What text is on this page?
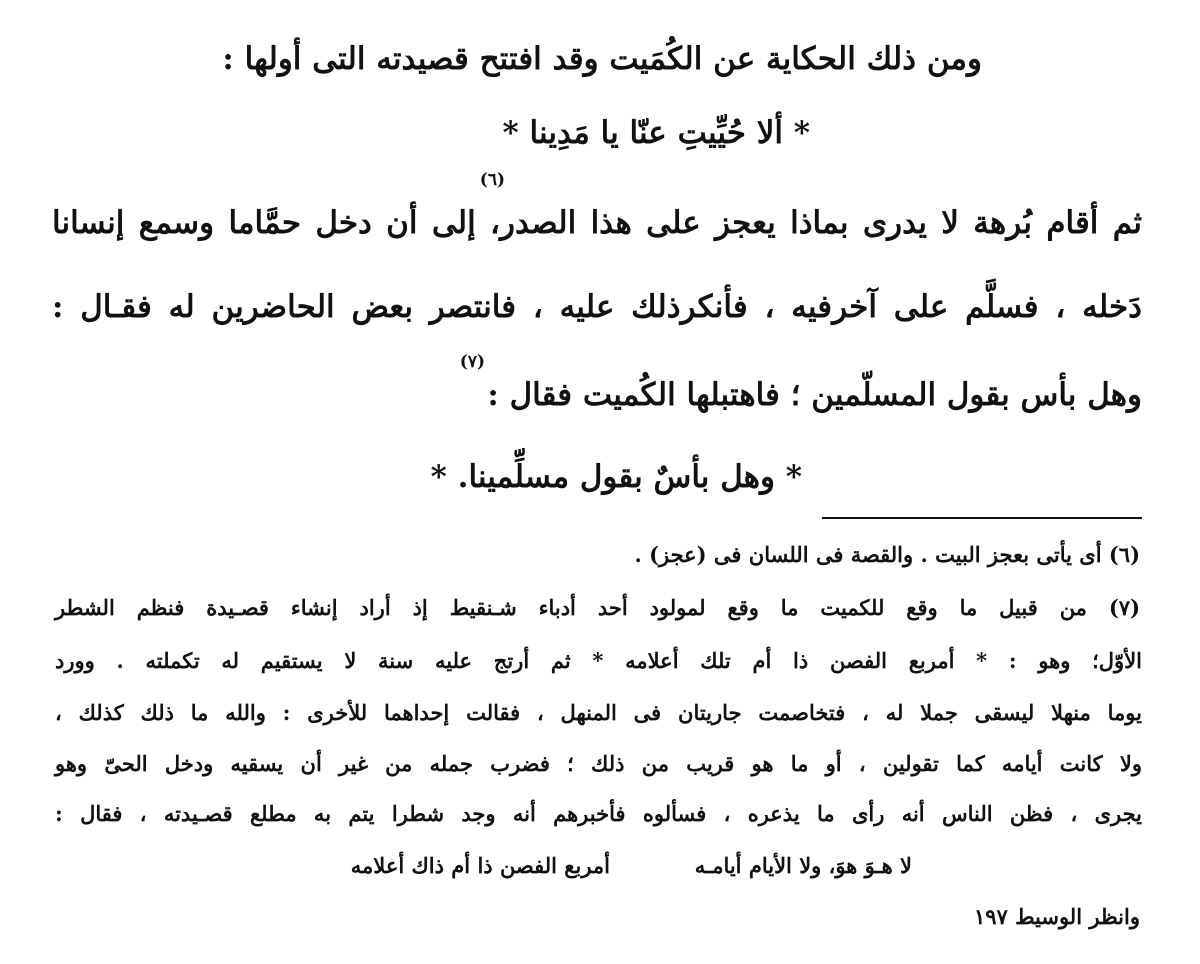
ومن ذلك الحكاية عن الكُمَيت وقد افتتح قصيدته التى أولها :
* ألا حُيِّيتِ عنّا يا مَدِينا *
(٦)
ثم أقام بُرهة لا يدرى بماذا يعجز على هذا الصدر، إلى أن دخل حمَّاما وسمع إنسانا
دَخله ، فسلَّم على آخرفيه ، فأنكرذلك عليه ، فانتصر بعض الحاضرين له فقـال :
(٧)
وهل بأس بقول المسلّمين ؛ فاهتبلها الكُميت فقال :
* وهل بأسٌ بقول مسلِّمينا. *
(٦) أى يأتى بعجز البيت . والقصة فى اللسان فى (عجز) .
(٧) من قبيل ما وقع للكميت ما وقع لمولود أحد أدباء شـنقيط إذ أراد إنشاء قصـيدة فنظم الشطر
الأوّل؛ وهو : * أمربع الفصن ذا أم تلك أعلامه * ثم أرتج عليه سنة لا يستقيم له تكملته . وورد
يوما منهلا ليسقى جملا له ، فتخاصمت جاريتان فى المنهل ، فقالت إحداهما للأخرى : والله ما ذلك كذلك ،
ولا كانت أيامه كما تقولين ، أو ما هو قريب من ذلك ؛ فضرب جمله من غير أن يسقيه ودخل الحىّ وهو
يجرى ، فظن الناس أنه رأى ما يذعره ، فسألوه فأخبرهم أنه وجد شطرا يتم به مطلع قصـيدته ، فقال :
أمربع الفصن ذا أم ذاك أعلامه	لا هـوَ هوَ، ولا الأيام أيامـه
وانظر الوسيط ١٩٧
